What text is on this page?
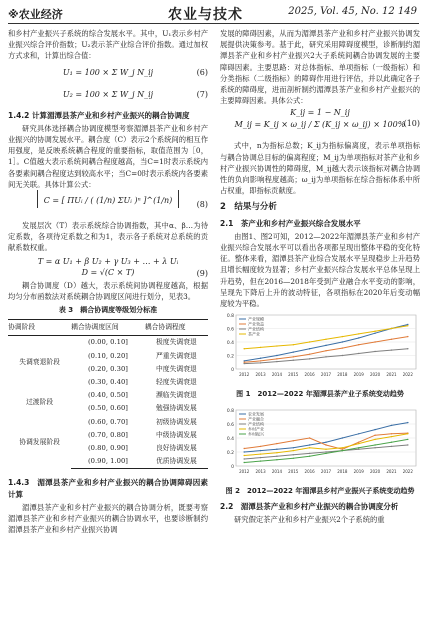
※农业经济	农业与技术	2025, Vol. 45, No. 12 149

和乡村产业振兴子系统的综合发展水平。其中，U₁表示乡村产业振兴综合评价指数；U₂表示茶产业综合评价指数。通过加权方式求和，计算出综合值：

U₁ = 100 × Σ W_j N_ij	(6)
U₂ = 100 × Σ W_j N_ij	(7)
1.4.2 计算湄潭县茶产业和乡村产业振兴的耦合协调度

研究具体选择耦合协调度模型考察湄潭县茶产业和乡村产业振兴的协调发展水平。耦合度（C）表示2个系统间的相互作用强度，是反映系统耦合程度的重要指标，取值范围为［0，1］。C值越大表示系统间耦合程度越高，当C=1时表示系统内各要素间耦合程度达到较高水平；当C=0时表示系统内各要素间无关联。具体计算公式：

C = [ ΠUᵢ / ( (1/n) ΣUᵢ )ⁿ ]^(1/n)	(8)

发展层次（T）表示系统综合协调指数，其中α、β…为待定系数，各项待定系数之和为1，表示各子系统对总系统的贡献系数权重。

T = α U₁ + β U₂ + γ U₃ + … + λ Uᵢ
D = √(C × T)	(9)

耦合协调度（D）越大，表示系统间协调程度越高，根据均匀分布函数法对系统耦合协调度区间进行划分，见表3。

表 3　耦合协调度等级划分标准
协调阶段	耦合协调度区间	耦合协调程度
失调衰退阶段	(0.00, 0.10]	极度失调衰退
	(0.10, 0.20]	严重失调衰退
	(0.20, 0.30]	中度失调衰退
	(0.30, 0.40]	轻度失调衰退
过渡阶段	(0.40, 0.50]	濒临失调衰退
	(0.50, 0.60]	勉强协调发展
协调发展阶段	(0.60, 0.70]	初级协调发展
	(0.70, 0.80]	中级协调发展
	(0.80, 0.90]	良好协调发展
	(0.90, 1.00]	优质协调发展
1.4.3　湄潭县茶产业和乡村产业振兴的耦合协调障碍因素计算

湄潭县茶产业和乡村产业振兴的耦合协调分析，既要考察湄潭县茶产业和乡村产业振兴的耦合协调水平，也要诊断制约湄潭县茶产业和乡村产业振兴协调

发展的障碍因素，从而为湄潭县茶产业和乡村产业振兴协调发展提供决策参考。基于此，研究采用障碍度模型，诊断制约湄潭县茶产业和乡村产业振兴2大子系统间耦合协调发展的主要障碍因素。主要思路：对总体指标、单项指标（一级指标）和分类指标（二级指标）的障碍作用进行评估，并以此确定各子系统的障碍度，进而剖析制约湄潭县茶产业和乡村产业振兴的主要障碍因素。具体公式：

K_ij = 1 − N_ij
M_ij = K_ij × ω_ij / Σ (K_ij × ω_ij) × 100%
(10)

式中，n为指标总数；K_ij为指标偏离度，表示单项指标与耦合协调总目标的偏离程度；M_ij为单项指标对茶产业和乡村产业振兴协调性的障碍度，M_ij越大表示该指标对耦合协调性的负向影响程度越高；ω_ij为单项指标在综合指标体系中所占权重，即指标贡献度。

2　结果与分析
2.1　茶产业和乡村产业振兴综合发展水平

由图1、图2可知，2012—2022年湄潭县茶产业和乡村产业振兴综合发展水平可以看出各项都呈现出整体平稳的变化特征。整体来看，湄潭县茶产业综合发展水平呈现稳步上升趋势且增长幅度较为显著；乡村产业振兴综合发展水平总体呈现上升趋势，但在2016—2018年受到产业融合水平变动的影响，呈现先下降后上升的波动特征，各项指标在2020年后变动幅度较为平稳。

0
0.2
0.4
0.6
0.8
2012 2013 2014 2015 2016 2017 2018 2019 2020 2021 2022
产业规模
产业效益
产业结构
茶产业
图 1　2012—2022 年湄潭县茶产业子系统变动趋势
0
0.2
0.4
0.6
0.8
2012 2013 2014 2015 2016 2017 2018 2019 2020 2021 2022
农业发展
产业融合
产业结构
乡村产业
乡村振兴
图 2　2012—2022 年湄潭县乡村产业振兴子系统变动趋势
2.2　湄潭县茶产业和乡村产业振兴的耦合协调度分析

研究假定茶产业和乡村产业振兴2个子系统的重
